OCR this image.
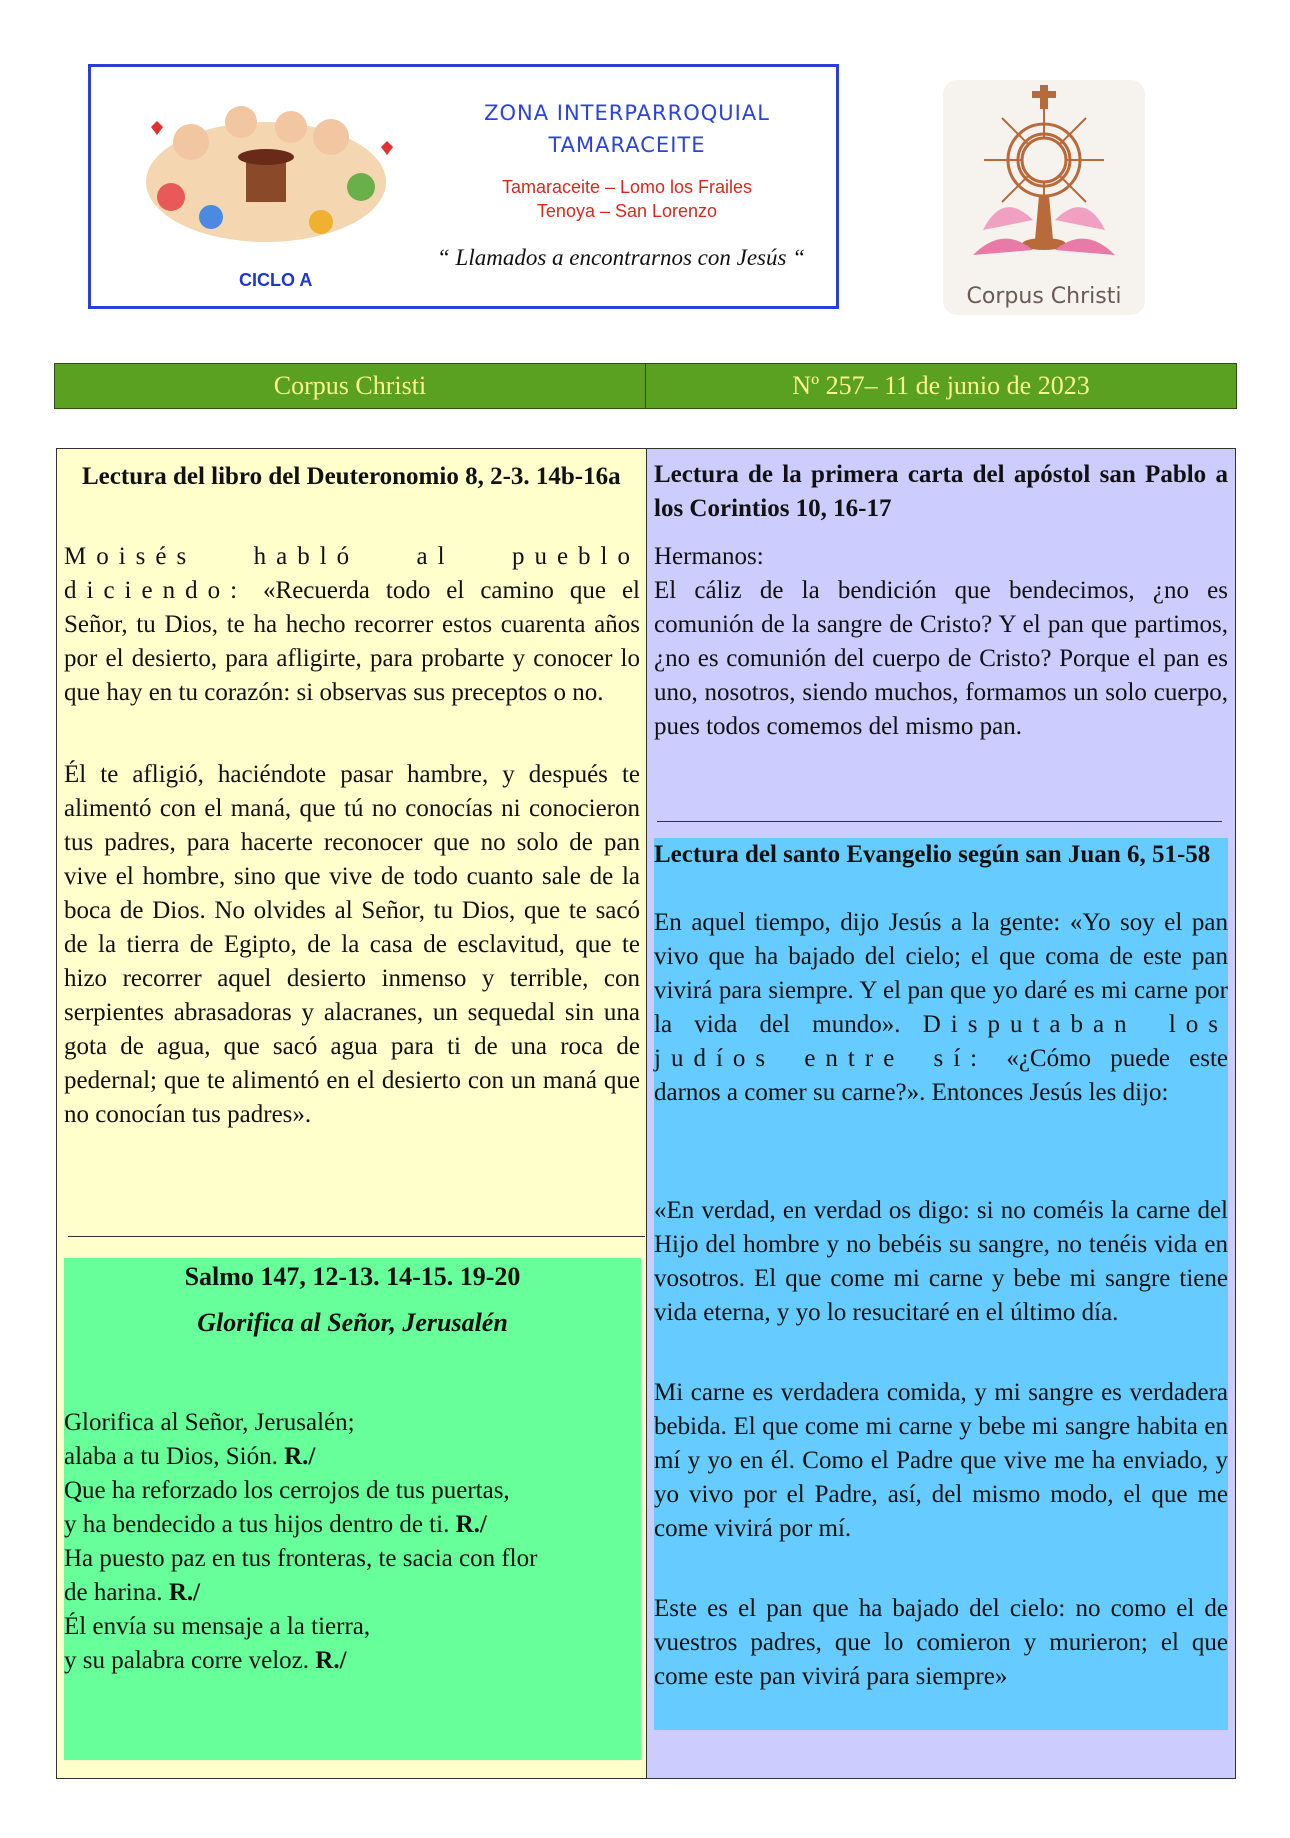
ZONA INTERPARROQUIAL
TAMARACEITE
Tamaraceite – Lomo los Frailes
Tenoya – San Lorenzo
“ Llamados a encontrarnos con Jesús “
CICLO A
Corpus Christi
Corpus Christi	Nº 257– 11 de junio de 2023
Lectura del libro del Deuteronomio 8, 2-3. 14b-16a

Moisés habló al pueblo diciendo: «Recuerda todo el camino que el Señor, tu Dios, te ha hecho recorrer estos cuarenta años por el desierto, para afligirte, para probarte y conocer lo que hay en tu corazón: si observas sus preceptos o no.

Él te afligió, haciéndote pasar hambre, y después te alimentó con el maná, que tú no conocías ni conocieron tus padres, para hacerte reconocer que no solo de pan vive el hombre, sino que vive de todo cuanto sale de la boca de Dios. No olvides al Señor, tu Dios, que te sacó de la tierra de Egipto, de la casa de esclavitud, que te hizo recorrer aquel desierto inmenso y terrible, con serpientes abrasadoras y alacranes, un sequedal sin una gota de agua, que sacó agua para ti de una roca de pedernal; que te alimentó en el desierto con un maná que no conocían tus padres».
Salmo 147, 12-13. 14-15. 19-20
Glorifica al Señor, Jerusalén
Glorifica al Señor, Jerusalén;
alaba a tu Dios, Sión. R./
Que ha reforzado los cerrojos de tus puertas,
y ha bendecido a tus hijos dentro de ti. R./
Ha puesto paz en tus fronteras, te sacia con flor
de harina. R./
Él envía su mensaje a la tierra,
y su palabra corre veloz. R./
Lectura de la primera carta del apóstol san Pablo a los Corintios 10, 16-17
Hermanos:
El cáliz de la bendición que bendecimos, ¿no es comunión de la sangre de Cristo? Y el pan que partimos, ¿no es comunión del cuerpo de Cristo? Porque el pan es uno, nosotros, siendo muchos, formamos un solo cuerpo, pues todos comemos del mismo pan.
Lectura del santo Evangelio según san Juan 6, 51-58
En aquel tiempo, dijo Jesús a la gente: «Yo soy el pan vivo que ha bajado del cielo; el que coma de este pan vivirá para siempre. Y el pan que yo daré es mi carne por la vida del mundo». Disputaban los judíos entre sí: «¿Cómo puede este darnos a comer su carne?». Entonces Jesús les dijo:
«En verdad, en verdad os digo: si no coméis la carne del Hijo del hombre y no bebéis su sangre, no tenéis vida en vosotros. El que come mi carne y bebe mi sangre tiene vida eterna, y yo lo resucitaré en el último día.
Mi carne es verdadera comida, y mi sangre es verdadera bebida. El que come mi carne y bebe mi sangre habita en mí y yo en él. Como el Padre que vive me ha enviado, y yo vivo por el Padre, así, del mismo modo, el que me come vivirá por mí.
Este es el pan que ha bajado del cielo: no como el de vuestros padres, que lo comieron y murieron; el que come este pan vivirá para siempre»
